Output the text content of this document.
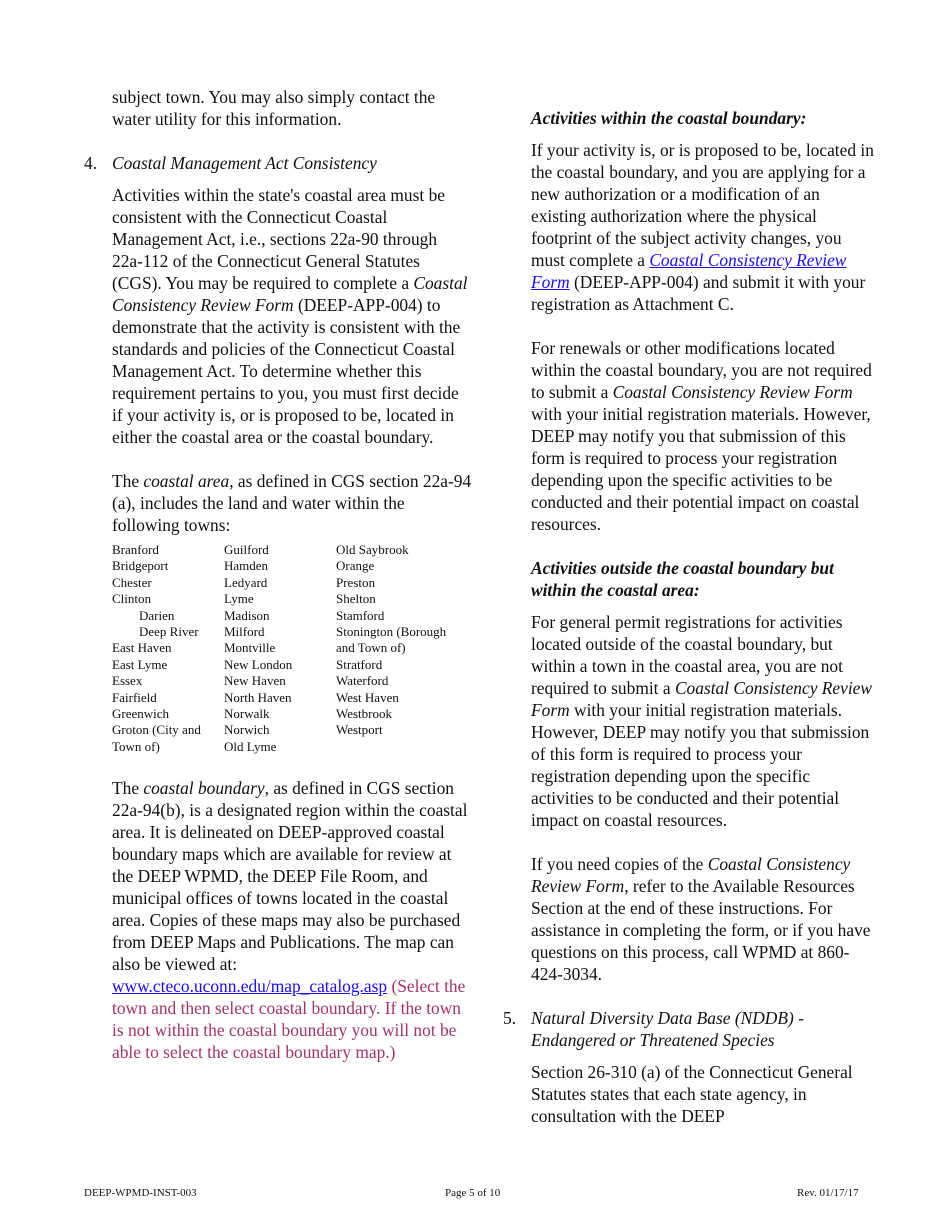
subject town. You may also simply contact the water utility for this information.

4. Coastal Management Act Consistency

Activities within the state's coastal area must be consistent with the Connecticut Coastal Management Act, i.e., sections 22a-90 through 22a-112 of the Connecticut General Statutes (CGS). You may be required to complete a Coastal Consistency Review Form (DEEP-APP-004) to demonstrate that the activity is consistent with the standards and policies of the Connecticut Coastal Management Act. To determine whether this requirement pertains to you, you must first decide if your activity is, or is proposed to be, located in either the coastal area or the coastal boundary.

The coastal area, as defined in CGS section 22a-94 (a), includes the land and water within the following towns:

Branford
Bridgeport
Chester
Clinton
Darien
Deep River
East Haven
East Lyme
Essex
Fairfield
Greenwich
Groton (City and
Town of)
Guilford
Hamden
Ledyard
Lyme
Madison
Milford
Montville
New London
New Haven
North Haven
Norwalk
Norwich
Old Lyme
Old Saybrook
Orange
Preston
Shelton
Stamford
Stonington (Borough
and Town of)
Stratford
Waterford
West Haven
Westbrook
Westport

The coastal boundary, as defined in CGS section 22a-94(b), is a designated region within the coastal area. It is delineated on DEEP-approved coastal boundary maps which are available for review at the DEEP WPMD, the DEEP File Room, and municipal offices of towns located in the coastal area. Copies of these maps may also be purchased from DEEP Maps and Publications. The map can also be viewed at: www.cteco.uconn.edu/map_catalog.asp (Select the town and then select coastal boundary. If the town is not within the coastal boundary you will not be able to select the coastal boundary map.)

Activities within the coastal boundary:

If your activity is, or is proposed to be, located in the coastal boundary, and you are applying for a new authorization or a modification of an existing authorization where the physical footprint of the subject activity changes, you must complete a Coastal Consistency Review Form (DEEP-APP-004) and submit it with your registration as Attachment C.

For renewals or other modifications located within the coastal boundary, you are not required to submit a Coastal Consistency Review Form with your initial registration materials. However, DEEP may notify you that submission of this form is required to process your registration depending upon the specific activities to be conducted and their potential impact on coastal resources.

Activities outside the coastal boundary but within the coastal area:

For general permit registrations for activities located outside of the coastal boundary, but within a town in the coastal area, you are not required to submit a Coastal Consistency Review Form with your initial registration materials. However, DEEP may notify you that submission of this form is required to process your registration depending upon the specific activities to be conducted and their potential impact on coastal resources.

If you need copies of the Coastal Consistency Review Form, refer to the Available Resources Section at the end of these instructions. For assistance in completing the form, or if you have questions on this process, call WPMD at 860-424-3034.

5. Natural Diversity Data Base (NDDB) - Endangered or Threatened Species

Section 26-310 (a) of the Connecticut General Statutes states that each state agency, in consultation with the DEEP

DEEP-WPMD-INST-003	Page 5 of 10	Rev. 01/17/17
